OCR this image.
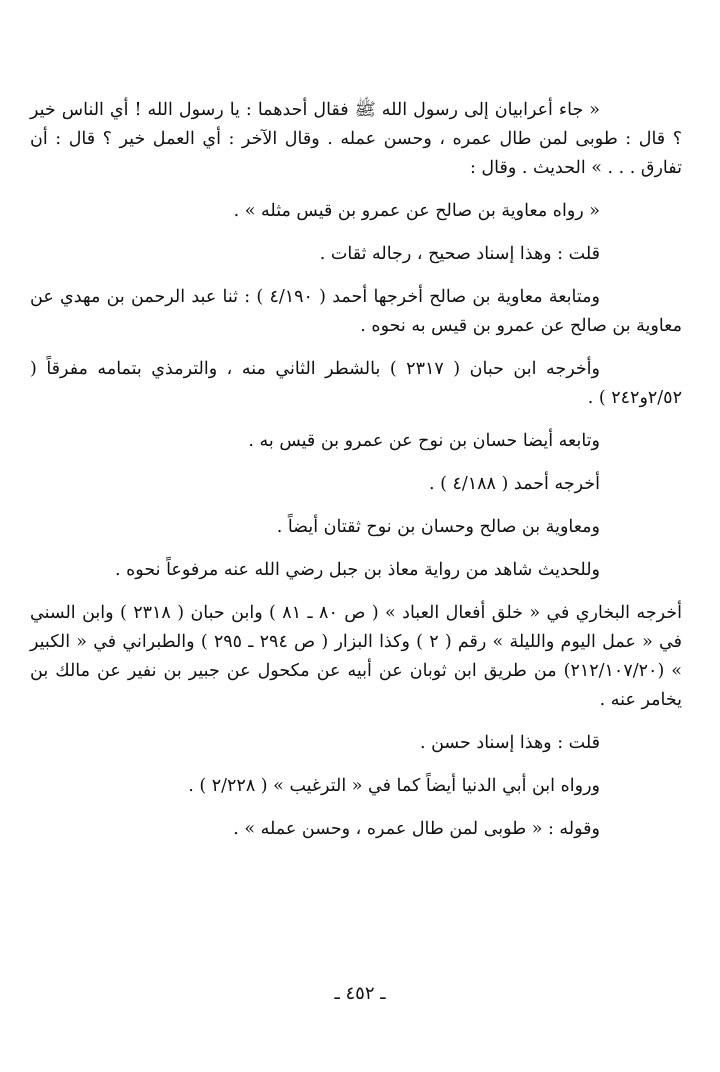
« جاء أعرابيان إلى رسول الله ﷺ فقال أحدهما : يا رسول الله ! أي الناس خير ؟ قال : طوبى لمن طال عمره ، وحسن عمله . وقال الآخر : أي العمل خير ؟ قال : أن تفارق . . . » الحديث . وقال :

« رواه معاوية بن صالح عن عمرو بن قيس مثله » .

قلت : وهذا إسناد صحيح ، رجاله ثقات .

ومتابعة معاوية بن صالح أخرجها أحمد ( ٤/١٩٠ ) : ثنا عبد الرحمن بن مهدي عن معاوية بن صالح عن عمرو بن قيس به نحوه .

وأخرجه ابن حبان ( ٢٣١٧ ) بالشطر الثاني منه ، والترمذي بتمامه مفرقاً ( ٢/٥٢و٢٤٢ ) .

وتابعه أيضا حسان بن نوح عن عمرو بن قيس به .

أخرجه أحمد ( ٤/١٨٨ ) .

ومعاوية بن صالح وحسان بن نوح ثقتان أيضاً .

وللحديث شاهد من رواية معاذ بن جبل رضي الله عنه مرفوعاً نحوه .

أخرجه البخاري في « خلق أفعال العباد » ( ص ٨٠ ـ ٨١ ) وابن حبان ( ٢٣١٨ ) وابن السني في « عمل اليوم والليلة » رقم ( ٢ ) وكذا البزار ( ص ٢٩٤ ـ ٢٩٥ ) والطبراني في « الكبير » (٢١٢/١٠٧/٢٠) من طريق ابن ثوبان عن أبيه عن مكحول عن جبير بن نفير عن مالك بن يخامر عنه .

قلت : وهذا إسناد حسن .

ورواه ابن أبي الدنيا أيضاً كما في « الترغيب » ( ٢/٢٢٨ ) .

وقوله : « طوبى لمن طال عمره ، وحسن عمله » .

ـ ٤٥٢ ـ
